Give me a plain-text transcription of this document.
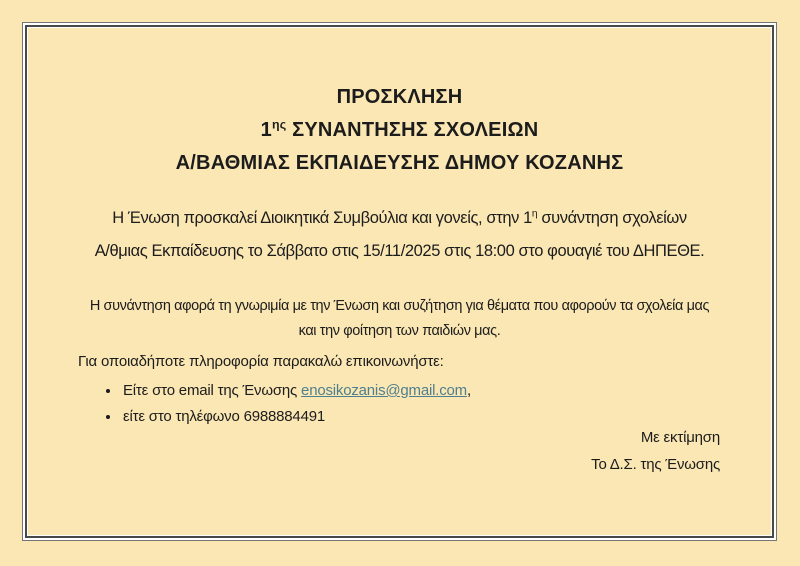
ΠΡΟΣΚΛΗΣΗ
$1^{\eta\varsigma}$ ΣΥΝΑΝΤΗΣΗΣ ΣΧΟΛΕΙΩΝ
Α/ΒΑΘΜΙΑΣ ΕΚΠΑΙΔΕΥΣΗΣ ΔΗΜΟΥ ΚΟΖΑΝΗΣ

Η Ένωση προσκαλεί Διοικητικά Συμβούλια και γονείς, στην $1^\eta$ συνάντηση σχολείων
Α/θμιας Εκπαίδευσης το Σάββατο στις 15/11/2025 στις 18:00 στο φουαγιέ του ΔΗΠΕΘΕ.

Η συνάντηση αφορά τη γνωριμία με την Ένωση και συζήτηση για θέματα που αφορούν τα σχολεία μας
και την φοίτηση των παιδιών μας.

Για οποιαδήποτε πληροφορία παρακαλώ επικοινωνήστε:

• Είτε στο email της Ένωσης enosikozanis@gmail.com,
• είτε στο τηλέφωνο 6988884491
Με εκτίμηση
Το Δ.Σ. της Ένωσης
